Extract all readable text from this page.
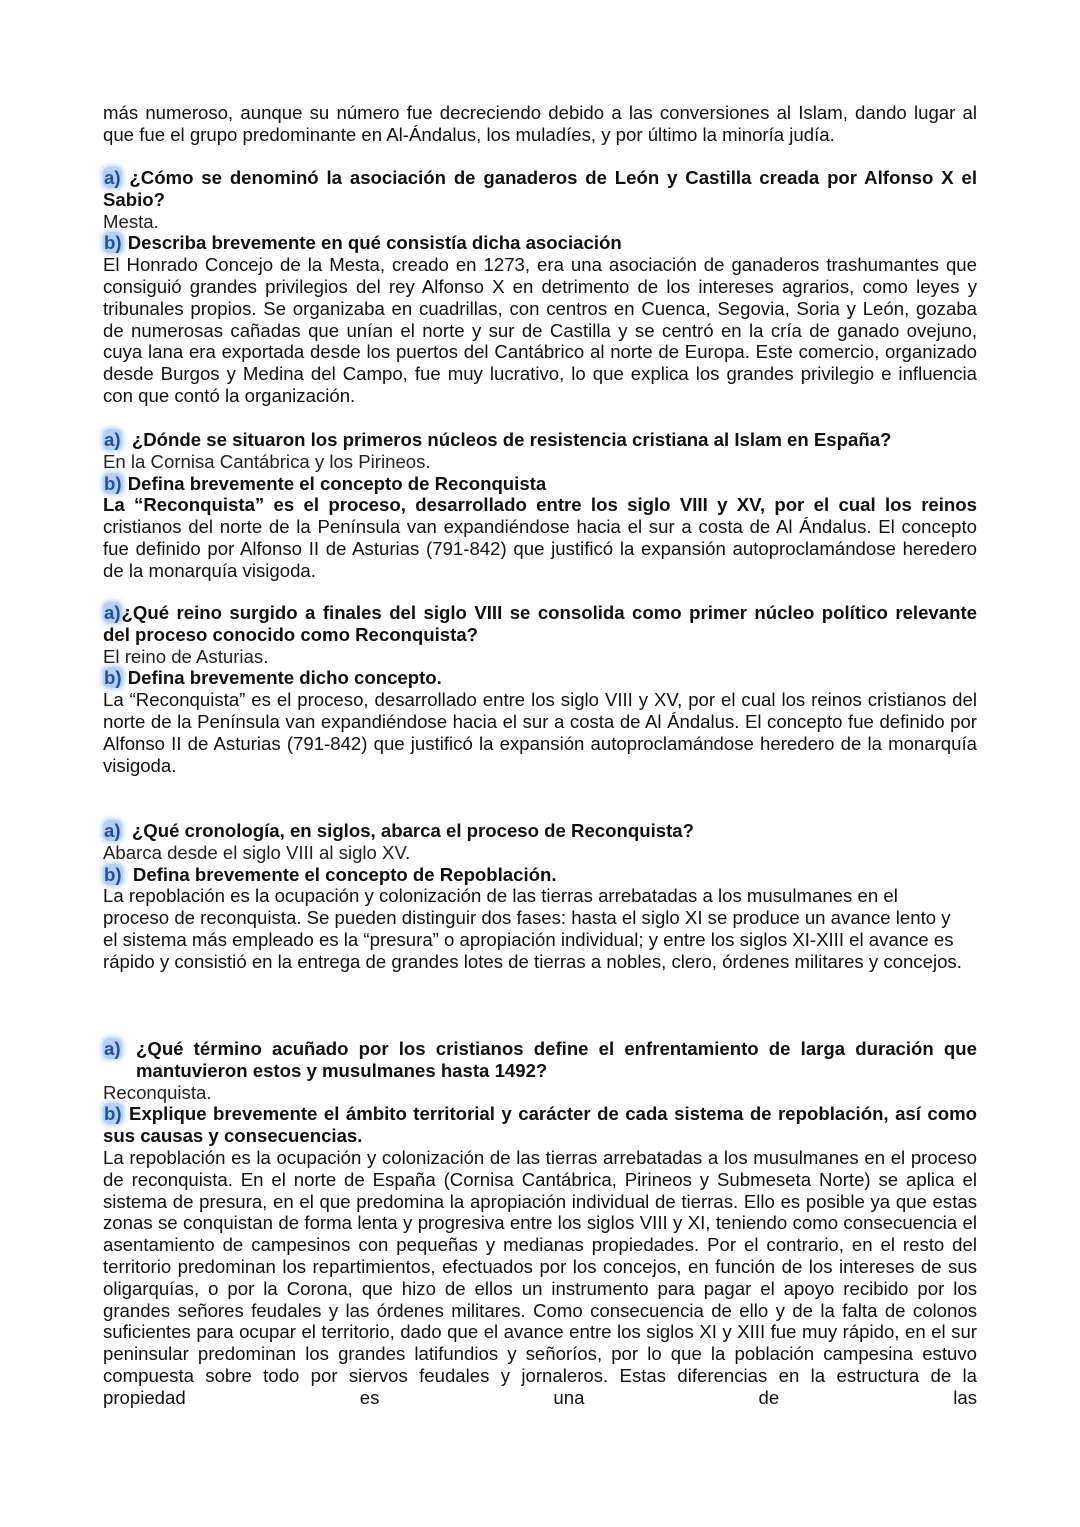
más numeroso, aunque su número fue decreciendo debido a las conversiones al Islam, dando lugar al que fue el grupo predominante en Al-Ándalus, los muladíes, y por último la minoría judía.
a) ¿Cómo se denominó la asociación de ganaderos de León y Castilla creada por Alfonso X el Sabio?
Mesta.
b) Describa brevemente en qué consistía dicha asociación
El Honrado Concejo de la Mesta, creado en 1273, era una asociación de ganaderos trashumantes que consiguió grandes privilegios del rey Alfonso X en detrimento de los intereses agrarios, como leyes y tribunales propios. Se organizaba en cuadrillas, con centros en Cuenca, Segovia, Soria y León, gozaba de numerosas cañadas que unían el norte y sur de Castilla y se centró en la cría de ganado ovejuno, cuya lana era exportada desde los puertos del Cantábrico al norte de Europa. Este comercio, organizado desde Burgos y Medina del Campo, fue muy lucrativo, lo que explica los grandes privilegio e influencia con que contó la organización.
a) ¿Dónde se situaron los primeros núcleos de resistencia cristiana al Islam en España?
En la Cornisa Cantábrica y los Pirineos.
b) Defina brevemente el concepto de Reconquista
La “Reconquista” es el proceso, desarrollado entre los siglo VIII y XV, por el cual los reinos cristianos del norte de la Península van expandiéndose hacia el sur a costa de Al Ándalus. El concepto fue definido por Alfonso II de Asturias (791-842) que justificó la expansión autoproclamándose heredero de la monarquía visigoda.
a)¿Qué reino surgido a finales del siglo VIII se consolida como primer núcleo político relevante del proceso conocido como Reconquista?
El reino de Asturias.
b) Defina brevemente dicho concepto.
La “Reconquista” es el proceso, desarrollado entre los siglo VIII y XV, por el cual los reinos cristianos del norte de la Península van expandiéndose hacia el sur a costa de Al Ándalus. El concepto fue definido por Alfonso II de Asturias (791-842) que justificó la expansión autoproclamándose heredero de la monarquía visigoda.
a) ¿Qué cronología, en siglos, abarca el proceso de Reconquista?
Abarca desde el siglo VIII al siglo XV.
b) Defina brevemente el concepto de Repoblación.
La repoblación es la ocupación y colonización de las tierras arrebatadas a los musulmanes en el proceso de reconquista. Se pueden distinguir dos fases: hasta el siglo XI se produce un avance lento y el sistema más empleado es la “presura” o apropiación individual; y entre los siglos XI-XIII el avance es rápido y consistió en la entrega de grandes lotes de tierras a nobles, clero, órdenes militares y concejos.
a) ¿Qué término acuñado por los cristianos define el enfrentamiento de larga duración que mantuvieron estos y musulmanes hasta 1492?
Reconquista.
b) Explique brevemente el ámbito territorial y carácter de cada sistema de repoblación, así como sus causas y consecuencias.
La repoblación es la ocupación y colonización de las tierras arrebatadas a los musulmanes en el proceso de reconquista. En el norte de España (Cornisa Cantábrica, Pirineos y Submeseta Norte) se aplica el sistema de presura, en el que predomina la apropiación individual de tierras. Ello es posible ya que estas zonas se conquistan de forma lenta y progresiva entre los siglos VIII y XI, teniendo como consecuencia el asentamiento de campesinos con pequeñas y medianas propiedades. Por el contrario, en el resto del territorio predominan los repartimientos, efectuados por los concejos, en función de los intereses de sus oligarquías, o por la Corona, que hizo de ellos un instrumento para pagar el apoyo recibido por los grandes señores feudales y las órdenes militares. Como consecuencia de ello y de la falta de colonos suficientes para ocupar el territorio, dado que el avance entre los siglos XI y XIII fue muy rápido, en el sur peninsular predominan los grandes latifundios y señoríos, por lo que la población campesina estuvo compuesta sobre todo por siervos feudales y jornaleros. Estas diferencias en la estructura de la propiedad es una de las
